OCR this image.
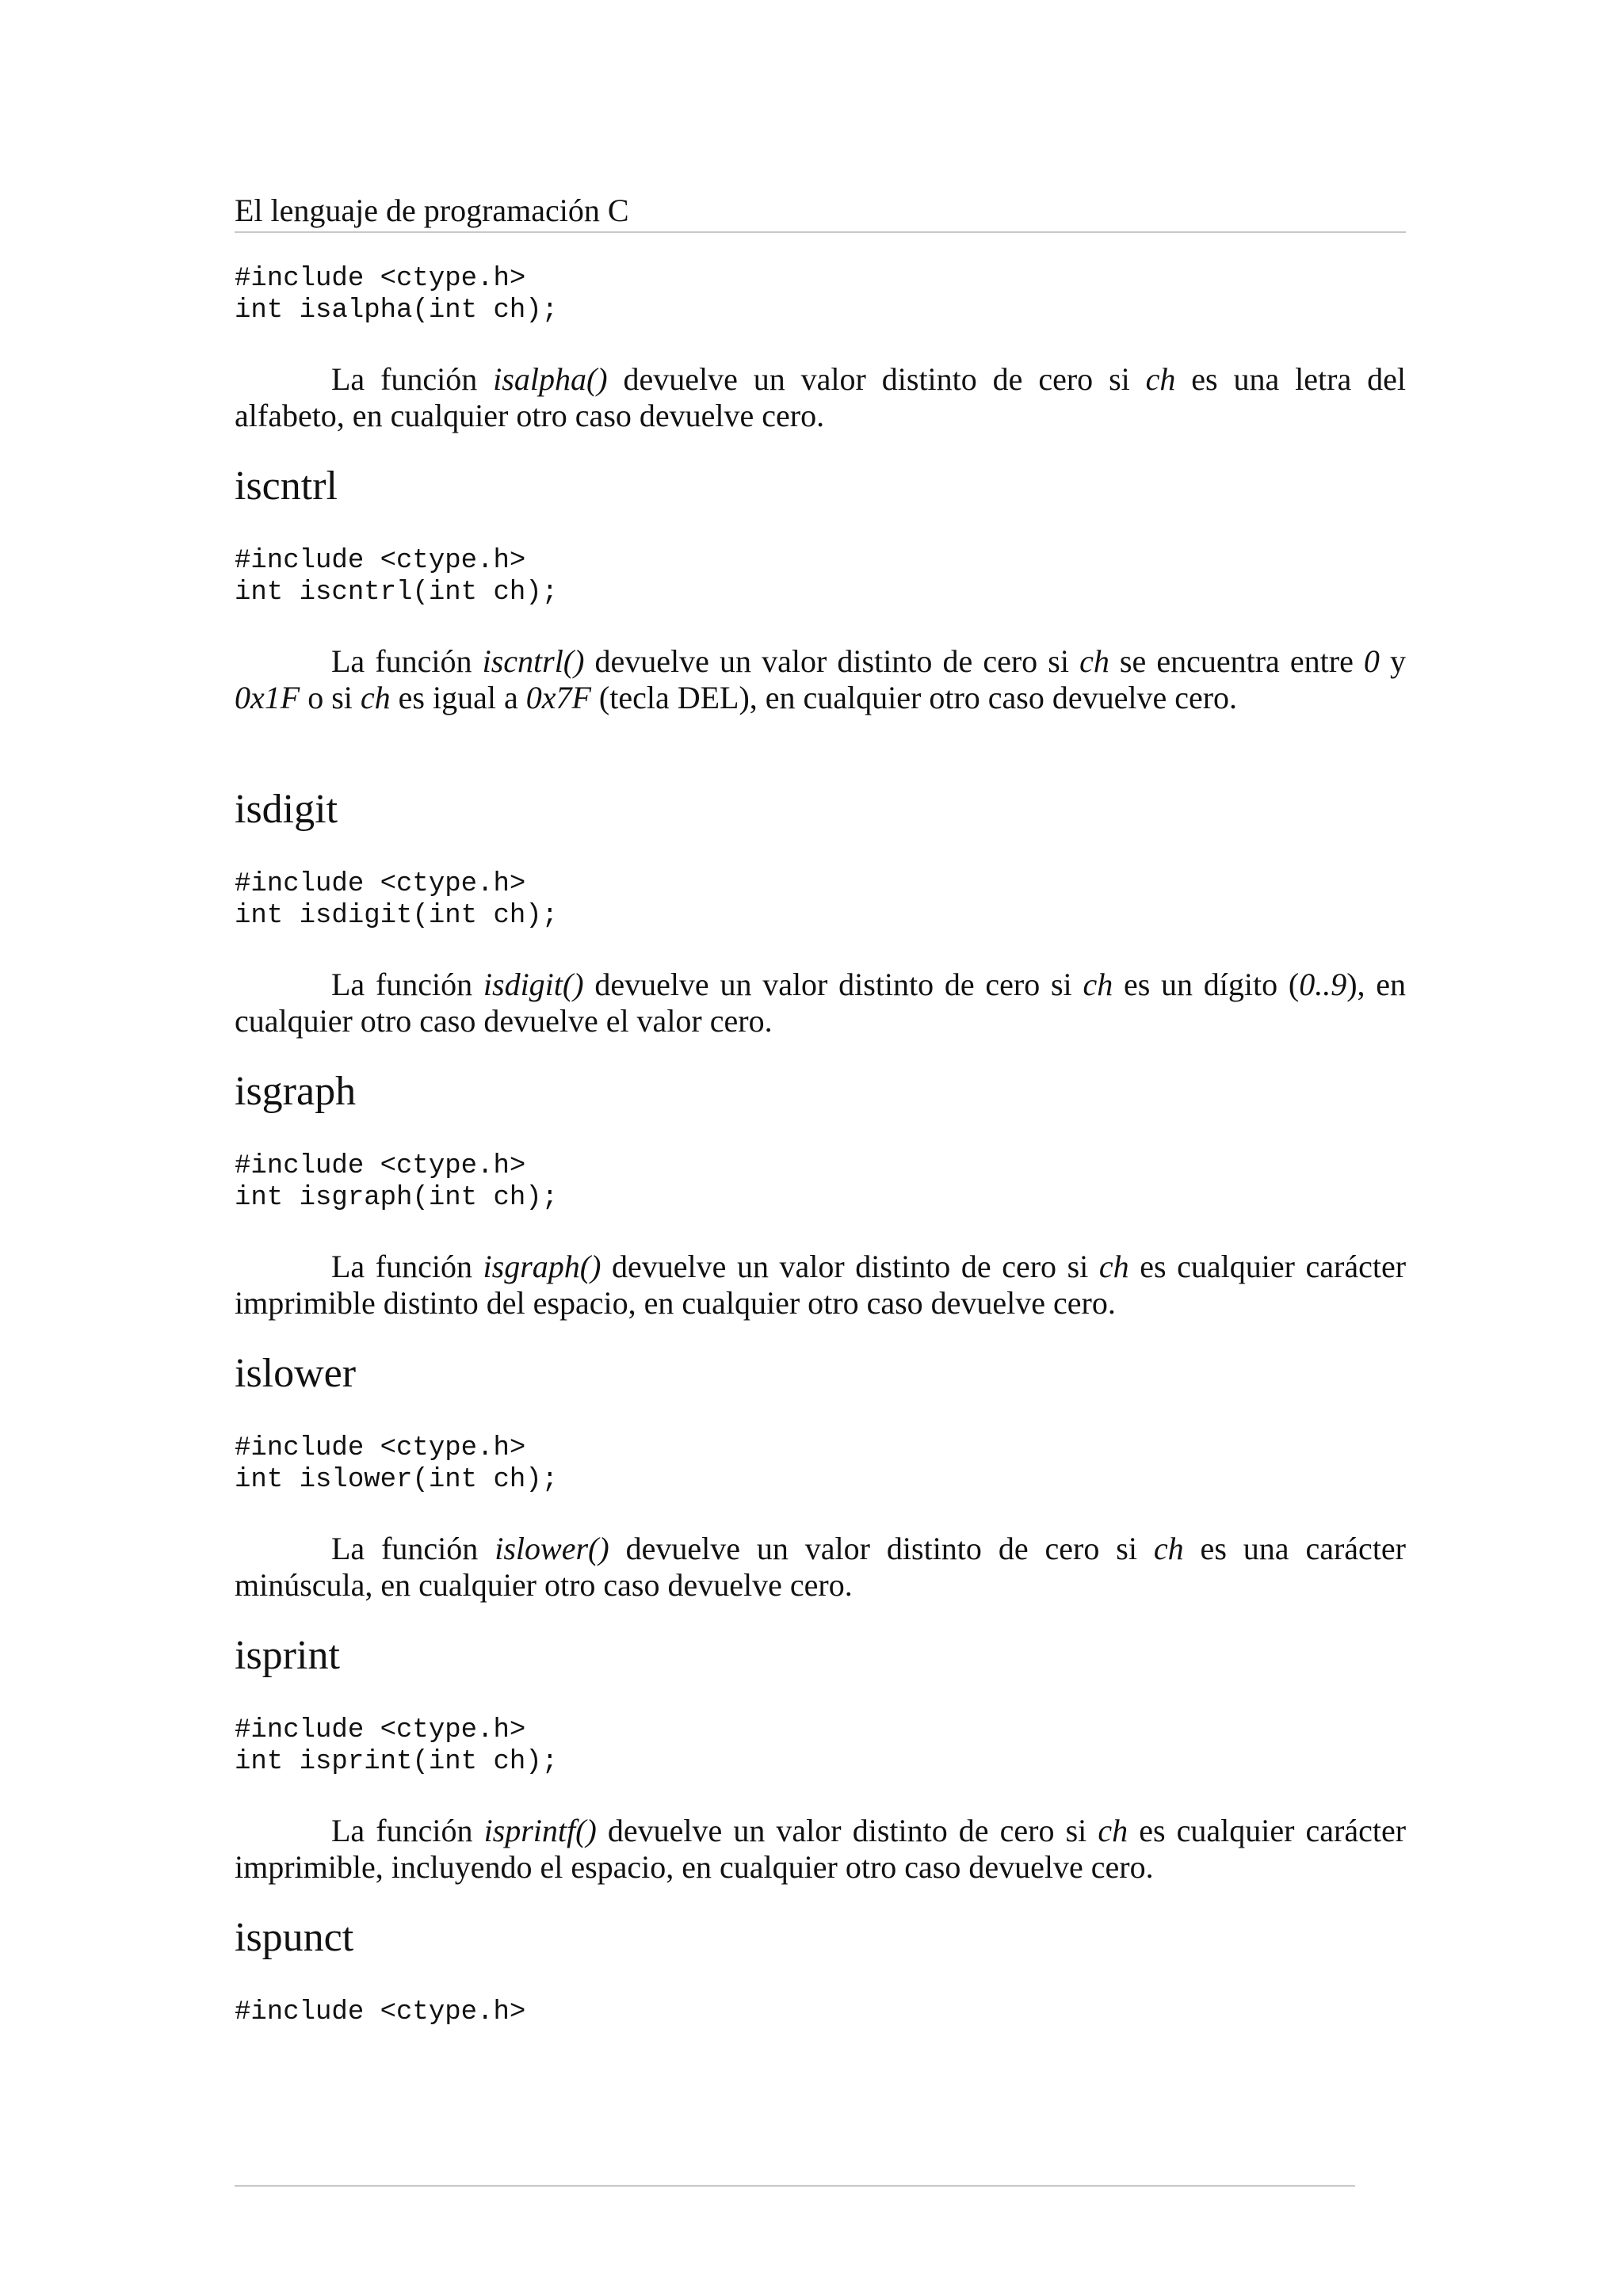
El lenguaje de programación C
#include <ctype.h>
int isalpha(int ch);

La función isalpha() devuelve un valor distinto de cero si ch es una letra del alfabeto, en cualquier otro caso devuelve cero.

iscntrl
#include <ctype.h>
int iscntrl(int ch);

La función iscntrl() devuelve un valor distinto de cero si ch se encuentra entre 0 y 0x1F o si ch es igual a 0x7F (tecla DEL), en cualquier otro caso devuelve cero.

isdigit
#include <ctype.h>
int isdigit(int ch);

La función isdigit() devuelve un valor distinto de cero si ch es un dígito (0..9), en cualquier otro caso devuelve el valor cero.

isgraph
#include <ctype.h>
int isgraph(int ch);

La función isgraph() devuelve un valor distinto de cero si ch es cualquier carácter imprimible distinto del espacio, en cualquier otro caso devuelve cero.

islower
#include <ctype.h>
int islower(int ch);

La función islower() devuelve un valor distinto de cero si ch es una carácter minúscula, en cualquier otro caso devuelve cero.

isprint
#include <ctype.h>
int isprint(int ch);

La función isprintf() devuelve un valor distinto de cero si ch es cualquier carácter imprimible, incluyendo el espacio, en cualquier otro caso devuelve cero.

ispunct
#include <ctype.h>
